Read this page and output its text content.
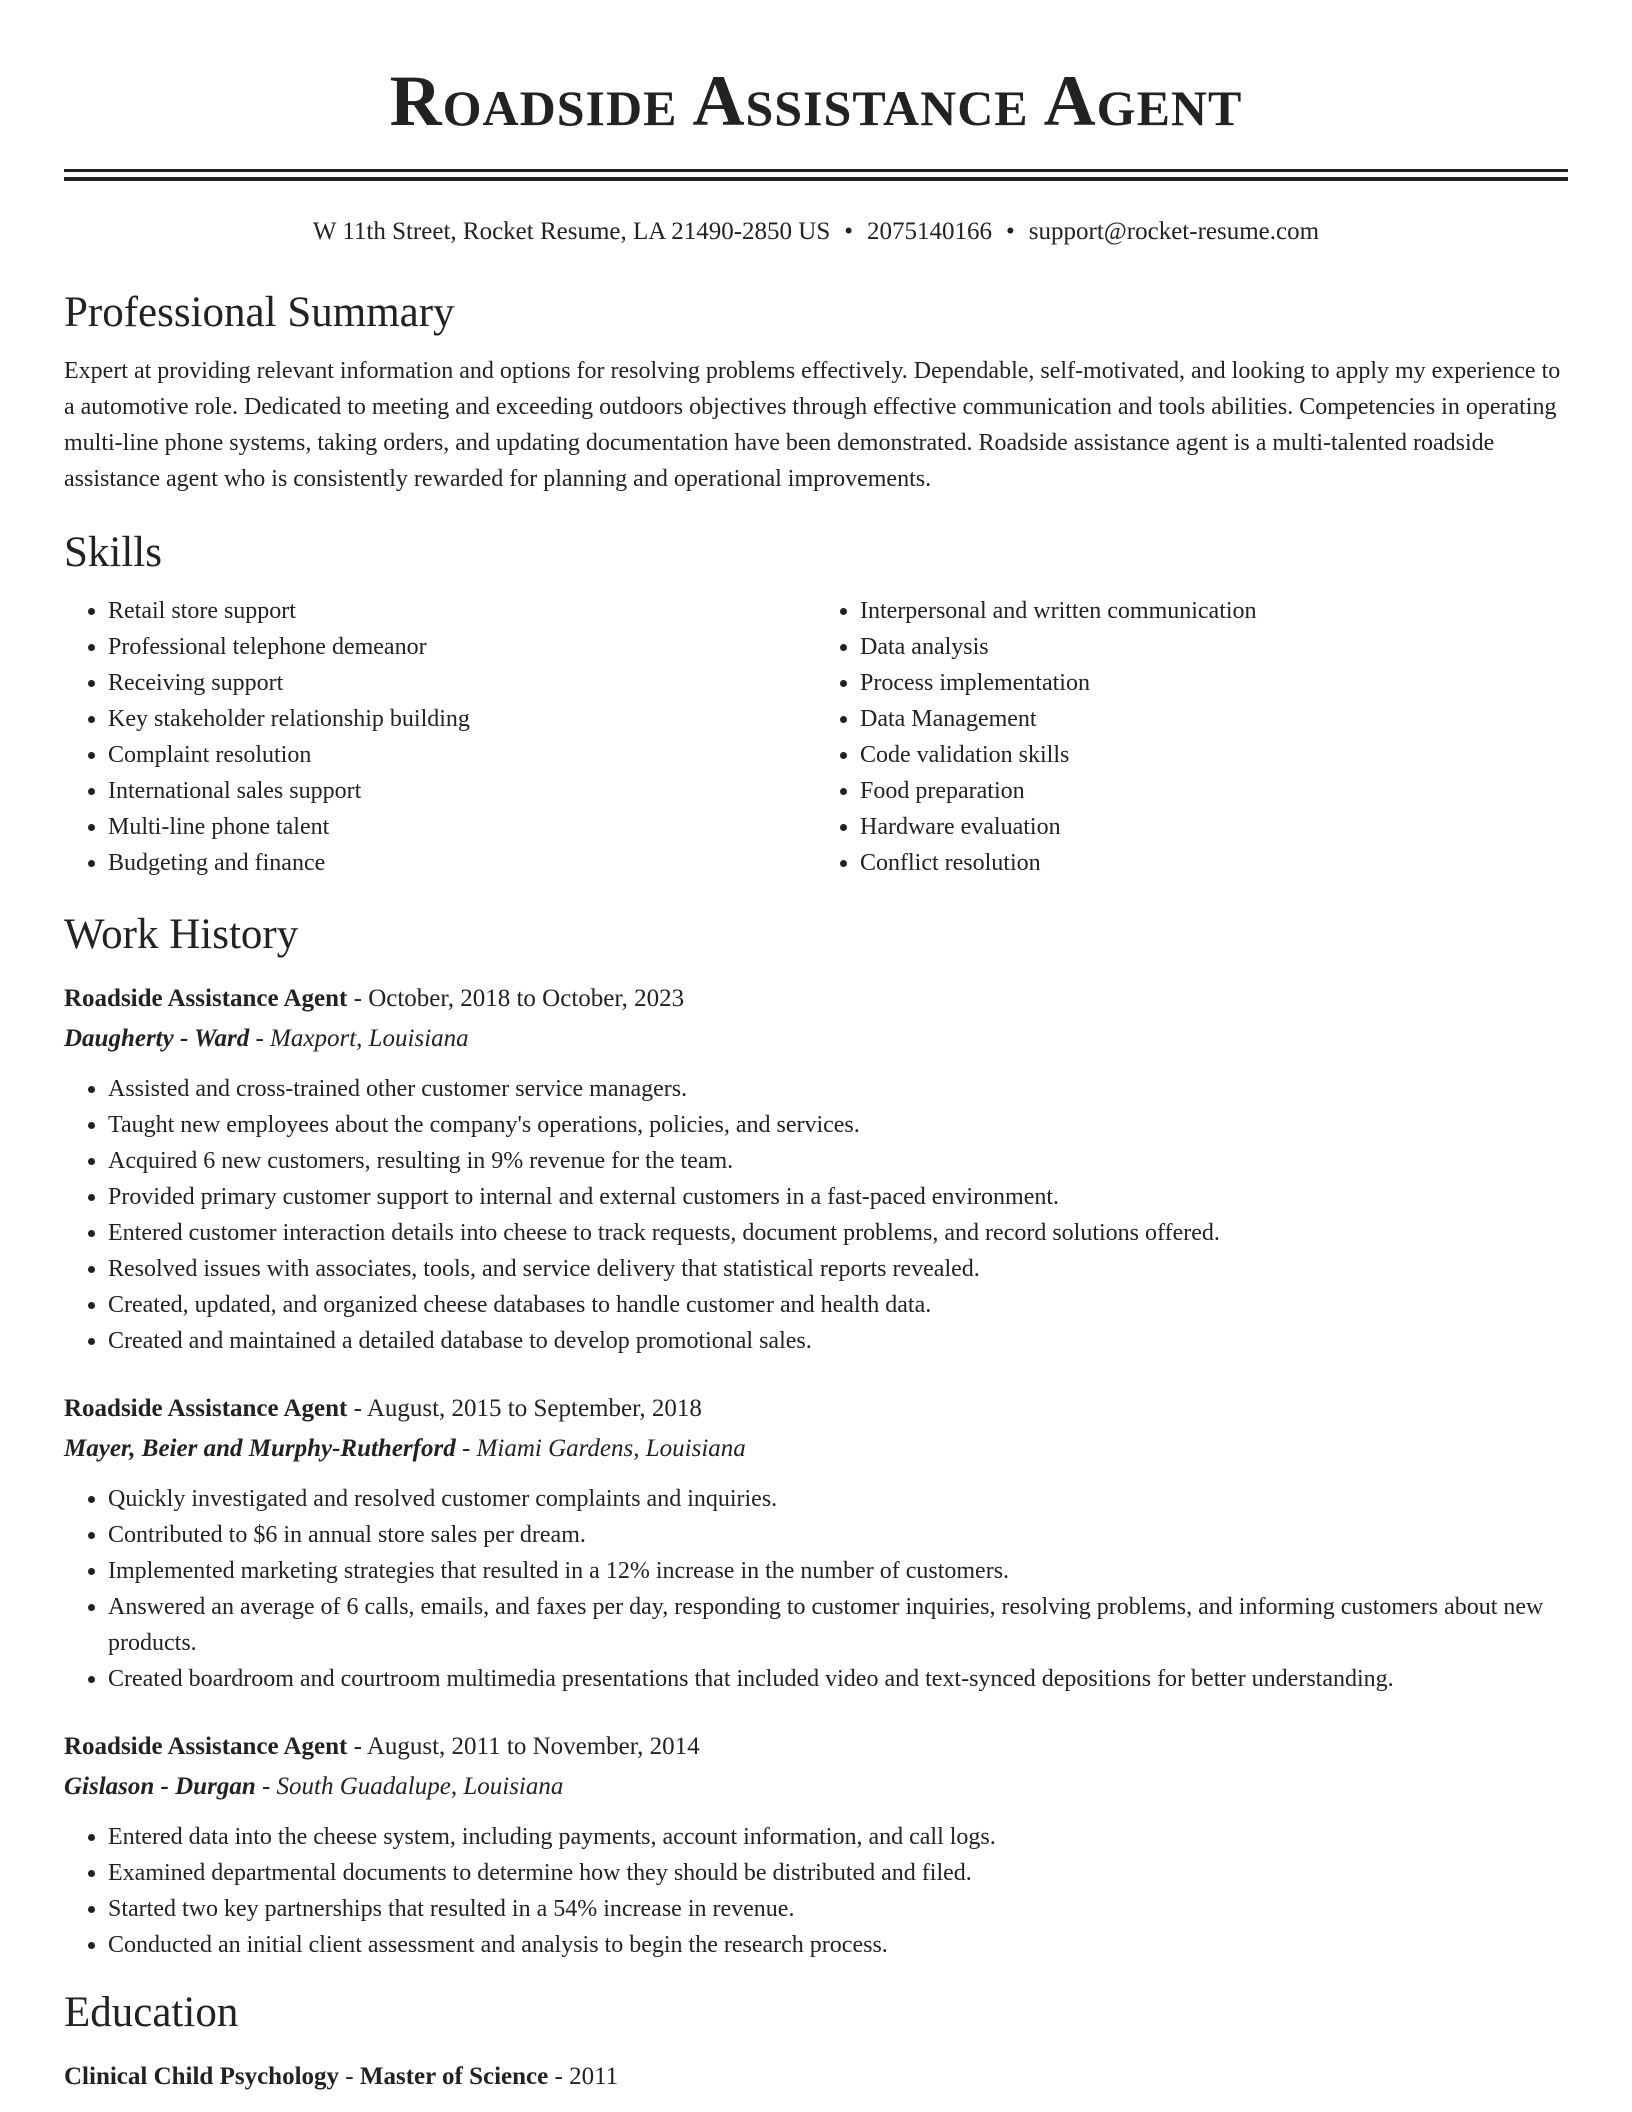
Roadside Assistance Agent
W 11th Street, Rocket Resume, LA 21490-2850 US • 2075140166 • support@rocket-resume.com
Professional Summary

Expert at providing relevant information and options for resolving problems effectively. Dependable, self-motivated, and looking to apply my experience to a automotive role. Dedicated to meeting and exceeding outdoors objectives through effective communication and tools abilities. Competencies in operating multi-line phone systems, taking orders, and updating documentation have been demonstrated. Roadside assistance agent is a multi-talented roadside assistance agent who is consistently rewarded for planning and operational improvements.

Skills
• Retail store support
• Professional telephone demeanor
• Receiving support
• Key stakeholder relationship building
• Complaint resolution
• International sales support
• Multi-line phone talent
• Budgeting and finance
• Interpersonal and written communication
• Data analysis
• Process implementation
• Data Management
• Code validation skills
• Food preparation
• Hardware evaluation
• Conflict resolution
Work History
Roadside Assistance Agent - October, 2018 to October, 2023
Daugherty - Ward - Maxport, Louisiana
• Assisted and cross-trained other customer service managers.
• Taught new employees about the company's operations, policies, and services.
• Acquired 6 new customers, resulting in 9% revenue for the team.
• Provided primary customer support to internal and external customers in a fast-paced environment.
• Entered customer interaction details into cheese to track requests, document problems, and record solutions offered.
• Resolved issues with associates, tools, and service delivery that statistical reports revealed.
• Created, updated, and organized cheese databases to handle customer and health data.
• Created and maintained a detailed database to develop promotional sales.
Roadside Assistance Agent - August, 2015 to September, 2018
Mayer, Beier and Murphy-Rutherford - Miami Gardens, Louisiana
• Quickly investigated and resolved customer complaints and inquiries.
• Contributed to $6 in annual store sales per dream.
• Implemented marketing strategies that resulted in a 12% increase in the number of customers.
• Answered an average of 6 calls, emails, and faxes per day, responding to customer inquiries, resolving problems, and informing customers about new products.
• Created boardroom and courtroom multimedia presentations that included video and text-synced depositions for better understanding.
Roadside Assistance Agent - August, 2011 to November, 2014
Gislason - Durgan - South Guadalupe, Louisiana
• Entered data into the cheese system, including payments, account information, and call logs.
• Examined departmental documents to determine how they should be distributed and filed.
• Started two key partnerships that resulted in a 54% increase in revenue.
• Conducted an initial client assessment and analysis to begin the research process.
Education
Clinical Child Psychology - Master of Science - 2011
